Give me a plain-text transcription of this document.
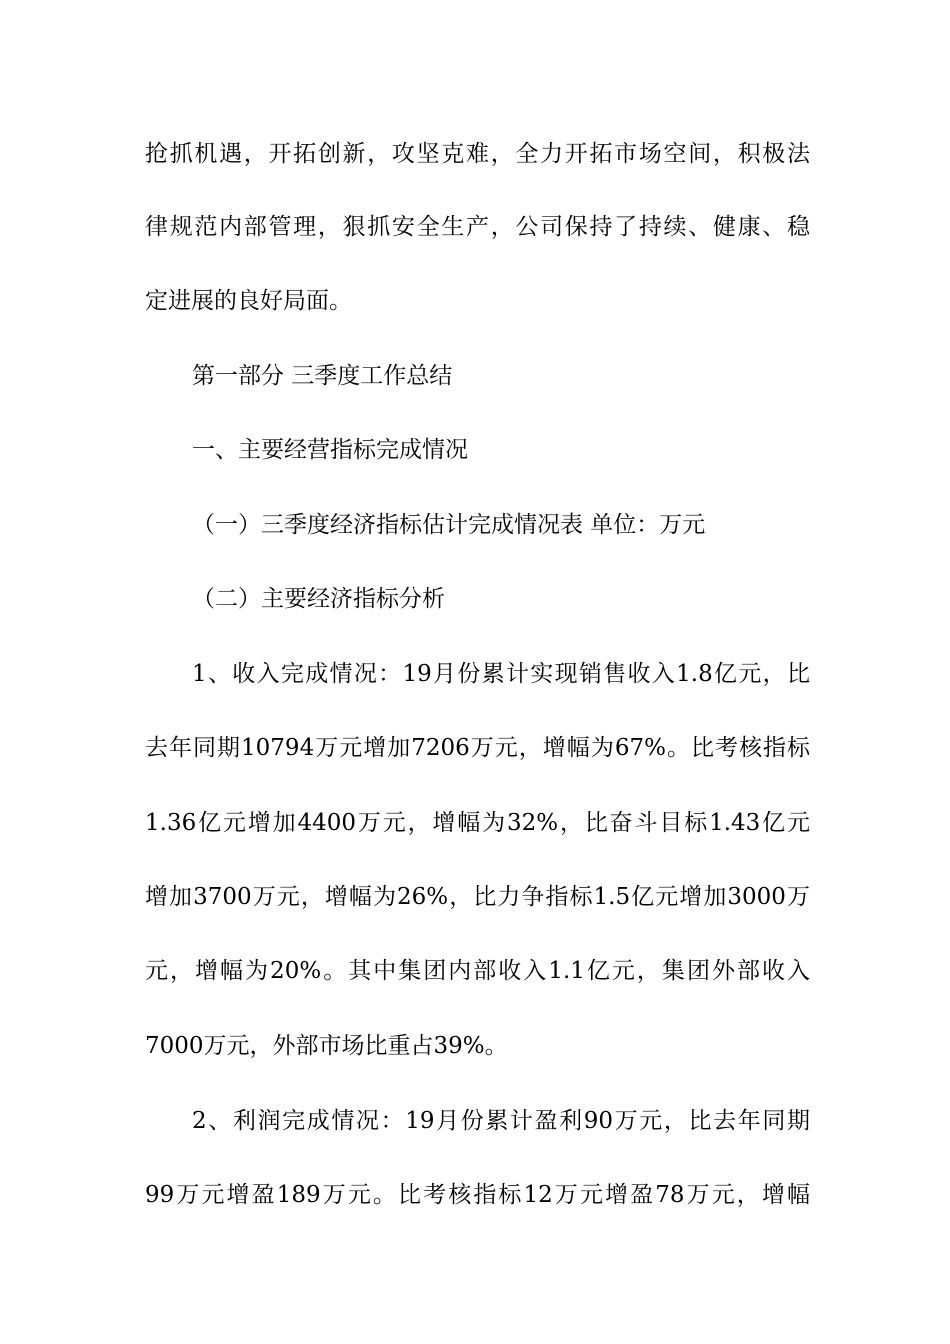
抢抓机遇，开拓创新，攻坚克难，全力开拓市场空间，积极法
律规范内部管理，狠抓安全生产，公司保持了持续、健康、稳
定进展的良好局面。
第一部分 三季度工作总结
一、主要经营指标完成情况
（一）三季度经济指标估计完成情况表 单位：万元
（二）主要经济指标分析
1、收入完成情况：19月份累计实现销售收入1.8亿元，比
去年同期10794万元增加7206万元，增幅为67%。比考核指标
1.36亿元增加4400万元，增幅为32%，比奋斗目标1.43亿元
增加3700万元，增幅为26%，比力争指标1.5亿元增加3000万
元，增幅为20%。其中集团内部收入1.1亿元，集团外部收入
7000万元，外部市场比重占39%。
2、利润完成情况：19月份累计盈利90万元，比去年同期
99万元增盈189万元。比考核指标12万元增盈78万元，增幅
